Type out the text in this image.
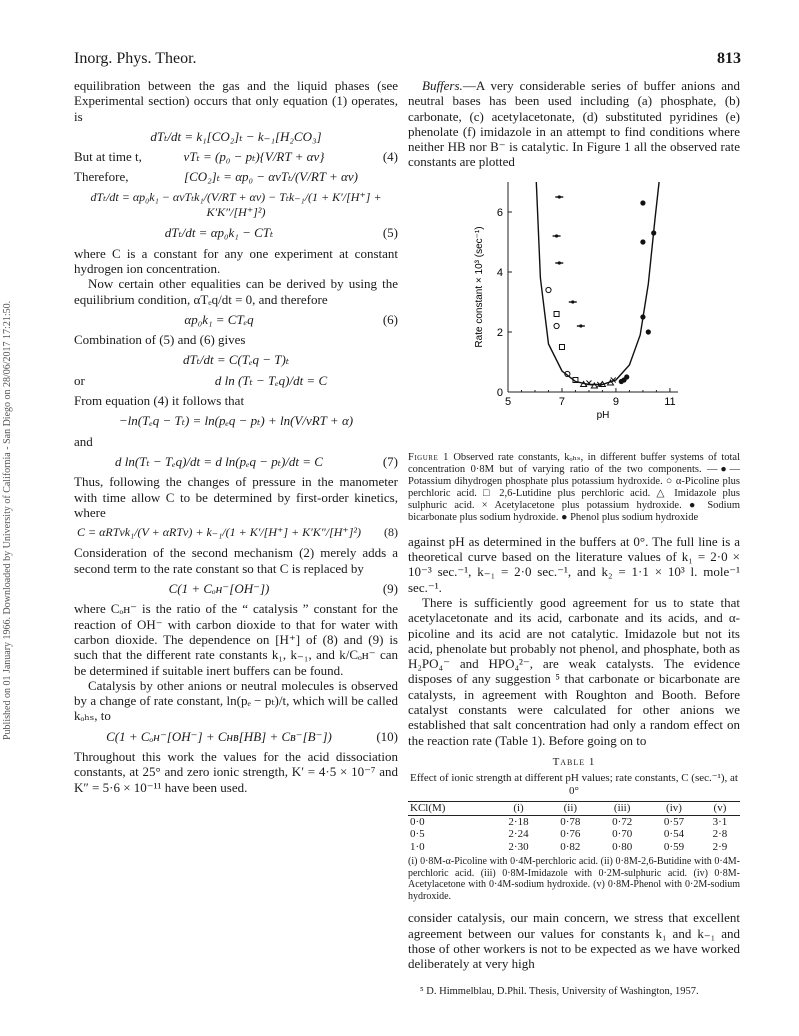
Published on 01 January 1966. Downloaded by University of California - San Diego on 28/06/2017 17:21:50.
Inorg. Phys. Theor.	813

equilibration between the gas and the liquid phases (see Experimental section) occurs that only equation (1) operates, is

dTₜ/dt = k₁[CO₂]ₜ − k₋₁[H₂CO₃]
But at time t,	vTₜ = (p₀ − pₜ){V/RT + αv}	(4)
Therefore,	[CO₂]ₜ = αp₀ − αvTₜ/(V/RT + αv)
dTₜ/dt = αp₀k₁ − αvTₜk₁/(V/RT + αv) − Tₜk₋₁/(1 + K′/[H⁺] + K′K″/[H⁺]²)
dTₜ/dt = αp₀k₁ − CTₜ	(5)

where C is a constant for any one experiment at constant hydrogen ion concentration.

Now certain other equalities can be derived by using the equilibrium condition, αTₑq/dt = 0, and therefore

αp₀k₁ = CTₑq	(6)

Combination of (5) and (6) gives

dTₜ/dt = C(Tₑq − T)ₜ
or	d ln (Tₜ − Tₑq)/dt = C

From equation (4) it follows that

−ln(Tₑq − Tₜ) = ln(pₑq − pₜ) + ln(V/vRT + α)

and

d ln(Tₜ − Tₑq)/dt = d ln(pₑq − pₜ)/dt = C	(7)

Thus, following the changes of pressure in the manometer with time allow C to be determined by first-order kinetics, where

C = αRTvk₁/(V + αRTv) + k₋₁/(1 + K′/[H⁺] + K′K″/[H⁺]²)	(8)

Consideration of the second mechanism (2) merely adds a second term to the rate constant so that C is replaced by

C(1 + Cₒʜ⁻[OH⁻])	(9)

where Cₒʜ⁻ is the ratio of the “ catalysis ” constant for the reaction of OH⁻ with carbon dioxide to that for water with carbon dioxide. The dependence on [H⁺] of (8) and (9) is such that the different rate constants k₁, k₋₁, and k/Cₒʜ⁻ can be determined if suitable inert buffers can be found.

Catalysis by other anions or neutral molecules is observed by a change of rate constant, ln(pₑ − pₜ)/t, which will be called kₒₕₛ, to

C(1 + Cₒʜ⁻[OH⁻] + Cʜʙ[HB] + Cʙ⁻[B⁻])	(10)

Throughout this work the values for the acid dissociation constants, at 25° and zero ionic strength, K′ = 4·5 × 10⁻⁷ and K″ = 5·6 × 10⁻¹¹ have been used.

Buffers.—A very considerable series of buffer anions and neutral bases has been used including (a) phosphate, (b) carbonate, (c) acetylacetonate, (d) substituted pyridines (e) phenolate (f) imidazole in an attempt to find conditions where neither HB nor B⁻ is catalytic. In Figure 1 all the observed rate constants are plotted

5	7	9	11
0
2
4
6
pH
Rate constant × 10³ (sec⁻¹)

Figure 1 Observed rate constants, kₒₕₛ, in different buffer systems of total concentration 0·8M but of varying ratio of the two components. —●— Potassium dihydrogen phosphate plus potassium hydroxide. ○ α-Picoline plus perchloric acid. □ 2,6-Lutidine plus perchloric acid. △ Imidazole plus sulphuric acid. × Acetylacetone plus potassium hydroxide. ● Sodium bicarbonate plus sodium hydroxide. ● Phenol plus sodium hydroxide

against pH as determined in the buffers at 0°. The full line is a theoretical curve based on the literature values of k₁ = 2·0 × 10⁻³ sec.⁻¹, k₋₁ = 2·0 sec.⁻¹, and k₂ = 1·1 × 10³ l. mole⁻¹ sec.⁻¹.

There is sufficiently good agreement for us to state that acetylacetonate and its acid, carbonate and its acids, and α-picoline and its acid are not catalytic. Imidazole but not its acid, phenolate but probably not phenol, and phosphate, both as H₂PO₄⁻ and HPO₄²⁻, are weak catalysts. The evidence disposes of any suggestion ⁵ that carbonate or bicarbonate are catalysts, in agreement with Roughton and Booth. Before catalyst constants were calculated for other anions we established that salt concentration had only a random effect on the reaction rate (Table 1). Before going on to

Table 1
Effect of ionic strength at different pH values; rate constants, C (sec.⁻¹), at 0°
KCl(M)	(i)	(ii)	(iii)	(iv)	(v)
0·0	2·18	0·78	0·72	0·57	3·1
0·5	2·24	0·76	0·70	0·54	2·8
1·0	2·30	0·82	0·80	0·59	2·9

(i) 0·8M-α-Picoline with 0·4M-perchloric acid. (ii) 0·8M-2,6-Butidine with 0·4M-perchloric acid. (iii) 0·8M-Imidazole with 0·2M-sulphuric acid. (iv) 0·8M-Acetylacetone with 0·4M-sodium hydroxide. (v) 0·8M-Phenol with 0·2M-sodium hydroxide.

consider catalysis, our main concern, we stress that excellent agreement between our values for constants k₁ and k₋₁ and those of other workers is not to be expected as we have worked deliberately at very high

⁵ D. Himmelblau, D.Phil. Thesis, University of Washington, 1957.
